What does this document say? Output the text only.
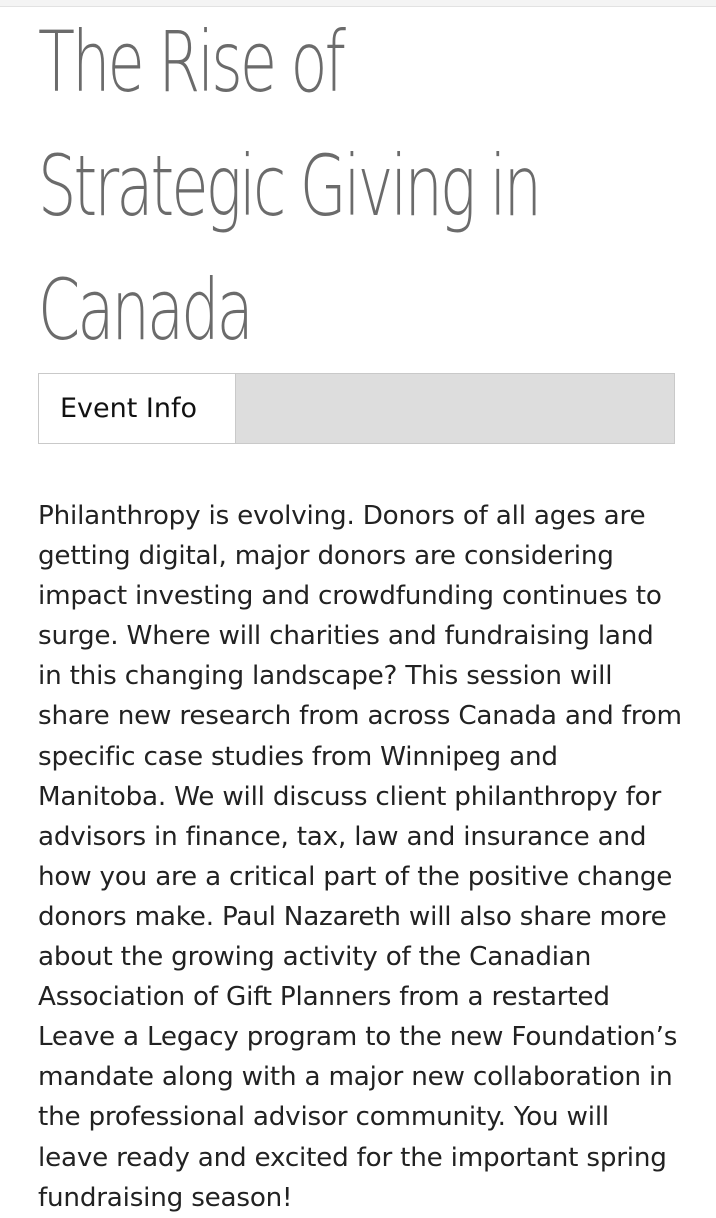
The Rise of
Strategic Giving in
Canada
Event Info

Philanthropy is evolving. Donors of all ages are
getting digital, major donors are considering
impact investing and crowdfunding continues to
surge. Where will charities and fundraising land
in this changing landscape? This session will
share new research from across Canada and from
specific case studies from Winnipeg and
Manitoba. We will discuss client philanthropy for
advisors in finance, tax, law and insurance and
how you are a critical part of the positive change
donors make. Paul Nazareth will also share more
about the growing activity of the Canadian
Association of Gift Planners from a restarted
Leave a Legacy program to the new Foundation’s
mandate along with a major new collaboration in
the professional advisor community. You will
leave ready and excited for the important spring
fundraising season!
